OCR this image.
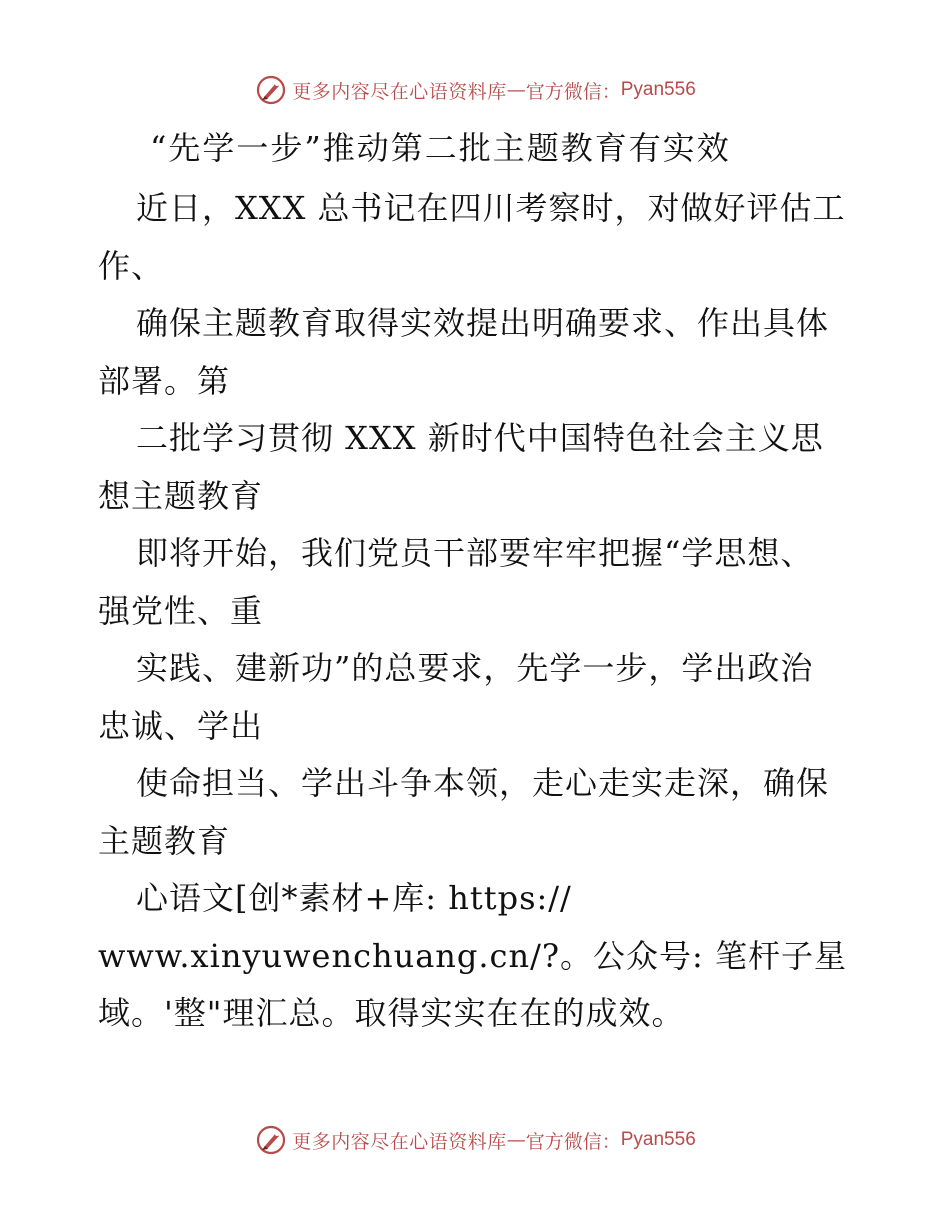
更多内容尽在心语资料库 — 官方微信： Pyan556
“先学一步”推动第二批主题教育有实效
近日，XXX 总书记在四川考察时，对做好评估工
作、
确保主题教育取得实效提出明确要求、作出具体
部署。第
二批学习贯彻 XXX 新时代中国特色社会主义思
想主题教育
即将开始，我们党员干部要牢牢把握“学思想、
强党性、重
实践、建新功”的总要求，先学一步，学出政治
忠诚、学出
使命担当、学出斗争本领，走心走实走深，确保
主题教育
心语文[创*素材+库: https://
www.xinyuwenchuang.cn/?。公众号: 笔杆子星
域。'整"理汇总。取得实实在在的成效。
更多内容尽在心语资料库 — 官方微信： Pyan556
